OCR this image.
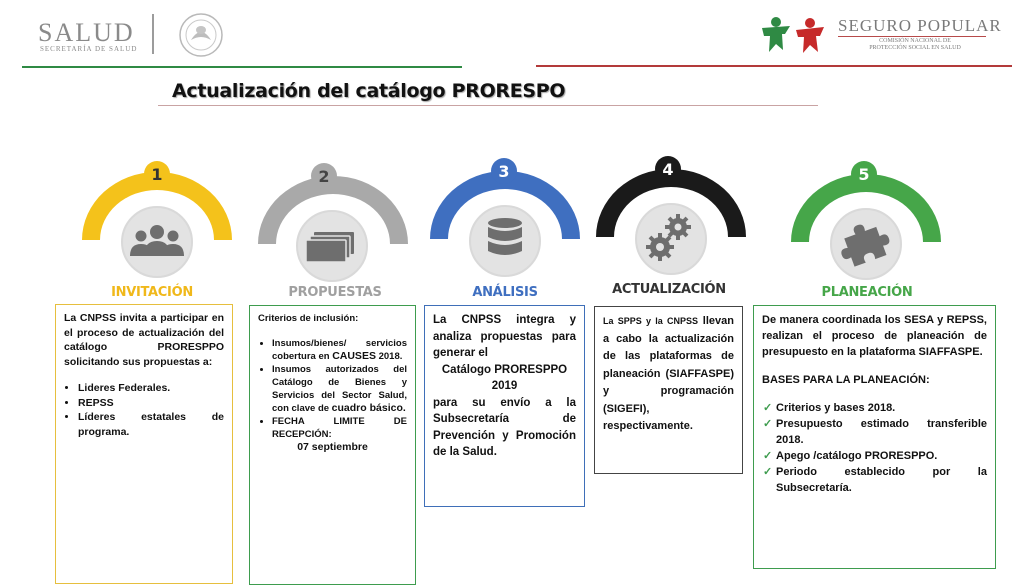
SALUD
SECRETARÍA DE SALUD
SEGURO POPULAR
COMISIÓN NACIONAL DE
PROTECCIÓN SOCIAL EN SALUD
Actualización del catálogo PRORESPO
1
INVITACIÓN
2
PROPUESTAS
3
ANÁLISIS
4
ACTUALIZACIÓN
5
PLANEACIÓN

La CNPSS invita a participar en el proceso de actualización del catálogo PRORESPPO solicitando sus propuestas a:

• Lideres Federales.
• REPSS
• Líderes estatales de programa.

Criterios de inclusión:

• Insumos/bienes/ servicios cobertura en CAUSES 2018.
• Insumos autorizados del Catálogo de Bienes y Servicios del Sector Salud, con clave de cuadro básico.
• FECHA LIMITE DE RECEPCIÓN:
07 septiembre

La CNPSS integra y analiza propuestas para generar el

Catálogo PRORESPPO 2019

para su envío a la Subsecretaría de Prevención y Promoción de la Salud.

La SPPS y la CNPSS llevan a cabo la actualización de las plataformas de planeación (SIAFFASPE) y programación (SIGEFI), respectivamente.

De manera coordinada los SESA y REPSS, realizan el proceso de planeación de presupuesto en la plataforma SIAFFASPE.

BASES PARA LA PLANEACIÓN:

✓ Criterios y bases 2018.
✓ Presupuesto estimado transferible 2018.
✓ Apego /catálogo PRORESPPO.
✓ Periodo establecido por la Subsecretaría.
